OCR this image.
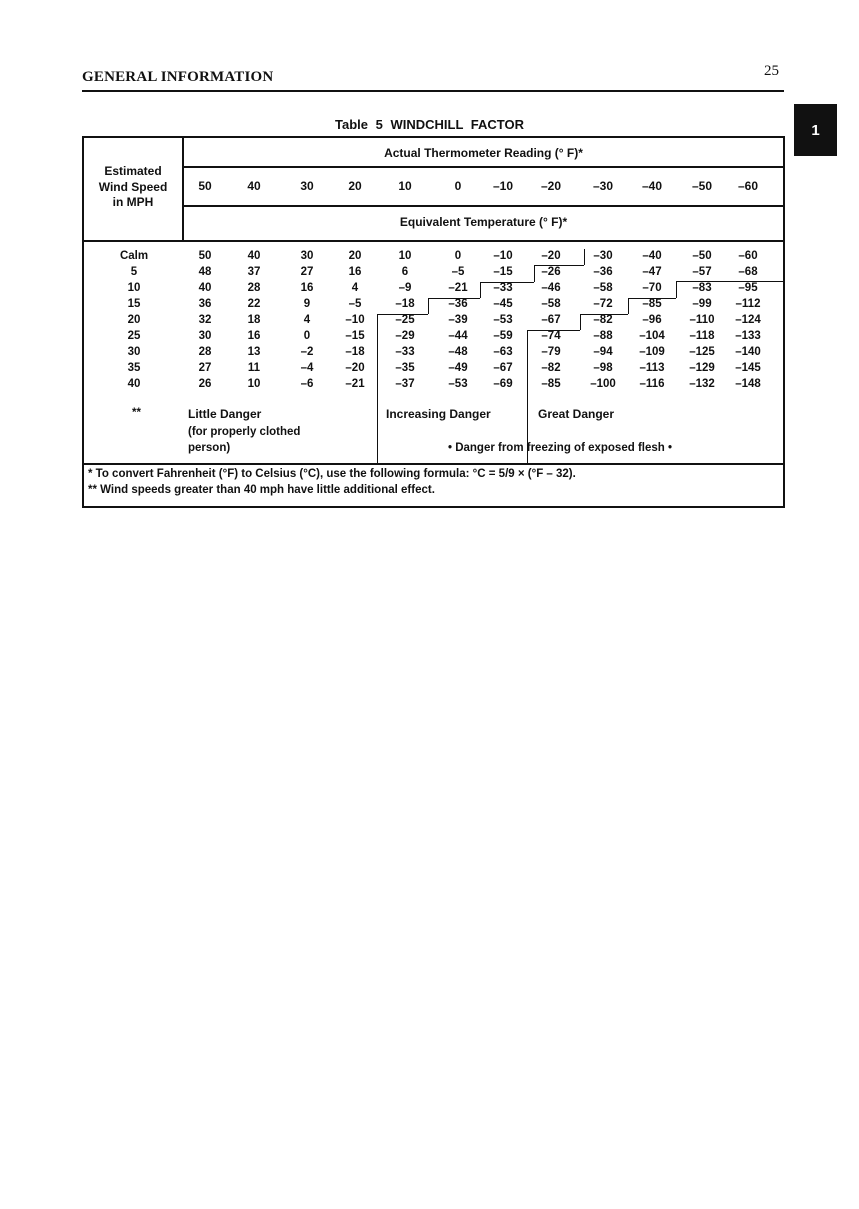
GENERAL INFORMATION	25
1
Table 5 WINDCHILL FACTOR
Estimated
Wind Speed
in MPH
Actual Thermometer Reading (° F)*
Equivalent Temperature (° F)*
50	40	30	20	10	0	–10	–20	–30	–40	–50	–60
Calm	50	40	30	20	10	0	–10	–20	–30	–40	–50	–60
5	48	37	27	16	6	–5	–15	–26	–36	–47	–57	–68
10	40	28	16	4	–9	–21	–33	–46	–58	–70	–83	–95
15	36	22	9	–5	–18	–36	–45	–58	–72	–85	–99	–112
20	32	18	4	–10	–25	–39	–53	–67	–82	–96	–110	–124
25	30	16	0	–15	–29	–44	–59	–74	–88	–104	–118	–133
30	28	13	–2	–18	–33	–48	–63	–79	–94	–109	–125	–140
35	27	11	–4	–20	–35	–49	–67	–82	–98	–113	–129	–145
40	26	10	–6	–21	–37	–53	–69	–85	–100	–116	–132	–148
**	Little Danger
(for properly clothed
person)
Increasing Danger	Great Danger
• Danger from freezing of exposed flesh •
* To convert Fahrenheit (°F) to Celsius (°C), use the following formula: °C = 5/9 × (°F – 32).
** Wind speeds greater than 40 mph have little additional effect.
